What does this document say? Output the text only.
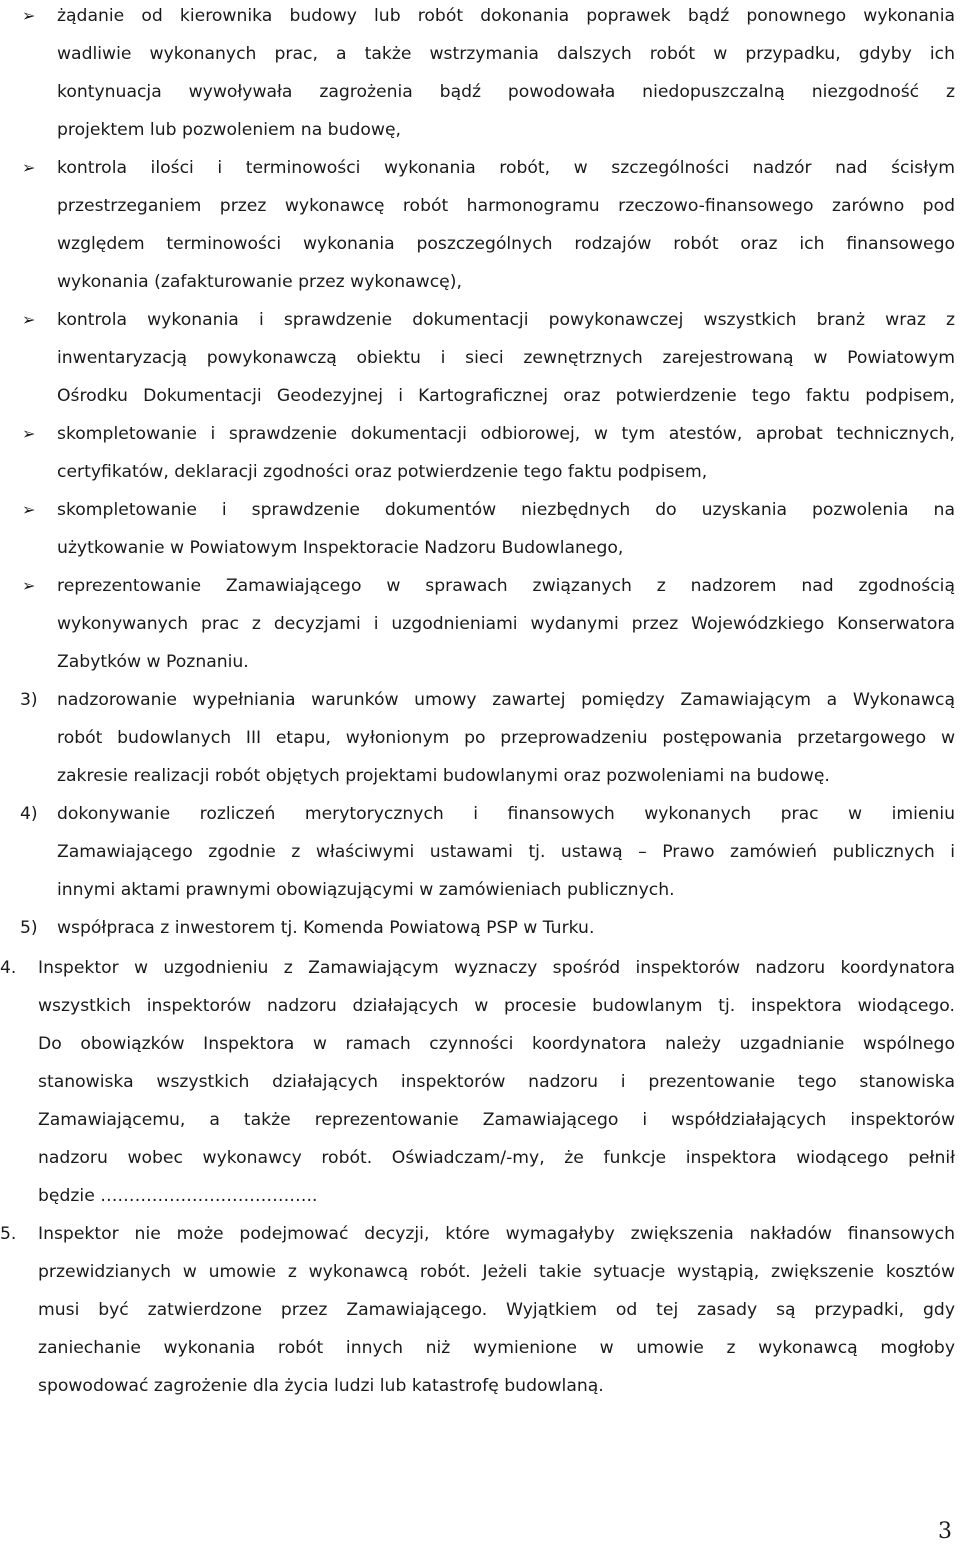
➢ żądanie od kierownika budowy lub robót dokonania poprawek bądź ponownego wykonania
wadliwie wykonanych prac, a także wstrzymania dalszych robót w przypadku, gdyby ich
kontynuacja wywoływała zagrożenia bądź powodowała niedopuszczalną niezgodność z
projektem lub pozwoleniem na budowę,
➢ kontrola ilości i terminowości wykonania robót, w szczególności nadzór nad ścisłym
przestrzeganiem przez wykonawcę robót harmonogramu rzeczowo-finansowego zarówno pod
względem terminowości wykonania poszczególnych rodzajów robót oraz ich finansowego
wykonania (zafakturowanie przez wykonawcę),
➢ kontrola wykonania i sprawdzenie dokumentacji powykonawczej wszystkich branż wraz z
inwentaryzacją powykonawczą obiektu i sieci zewnętrznych zarejestrowaną w Powiatowym
Ośrodku Dokumentacji Geodezyjnej i Kartograficznej oraz potwierdzenie tego faktu podpisem,
➢ skompletowanie i sprawdzenie dokumentacji odbiorowej, w tym atestów, aprobat technicznych,
certyfikatów, deklaracji zgodności oraz potwierdzenie tego faktu podpisem,
➢ skompletowanie i sprawdzenie dokumentów niezbędnych do uzyskania pozwolenia na
użytkowanie w Powiatowym Inspektoracie Nadzoru Budowlanego,
➢ reprezentowanie Zamawiającego w sprawach związanych z nadzorem nad zgodnością
wykonywanych prac z decyzjami i uzgodnieniami wydanymi przez Wojewódzkiego Konserwatora
Zabytków w Poznaniu.
3) nadzorowanie wypełniania warunków umowy zawartej pomiędzy Zamawiającym a Wykonawcą
robót budowlanych III etapu, wyłonionym po przeprowadzeniu postępowania przetargowego w
zakresie realizacji robót objętych projektami budowlanymi oraz pozwoleniami na budowę.
4) dokonywanie rozliczeń merytorycznych i finansowych wykonanych prac w imieniu
Zamawiającego zgodnie z właściwymi ustawami tj. ustawą – Prawo zamówień publicznych i
innymi aktami prawnymi obowiązującymi w zamówieniach publicznych.
5) współpraca z inwestorem tj. Komenda Powiatową PSP w Turku.
4. Inspektor w uzgodnieniu z Zamawiającym wyznaczy spośród inspektorów nadzoru koordynatora
wszystkich inspektorów nadzoru działających w procesie budowlanym tj. inspektora wiodącego.
Do obowiązków Inspektora w ramach czynności koordynatora należy uzgadnianie wspólnego
stanowiska wszystkich działających inspektorów nadzoru i prezentowanie tego stanowiska
Zamawiającemu, a także reprezentowanie Zamawiającego i współdziałających inspektorów
nadzoru wobec wykonawcy robót. Oświadczam/-my, że funkcje inspektora wiodącego pełnił
będzie ………………………………..
5. Inspektor nie może podejmować decyzji, które wymagałyby zwiększenia nakładów finansowych
przewidzianych w umowie z wykonawcą robót. Jeżeli takie sytuacje wystąpią, zwiększenie kosztów
musi być zatwierdzone przez Zamawiającego. Wyjątkiem od tej zasady są przypadki, gdy
zaniechanie wykonania robót innych niż wymienione w umowie z wykonawcą mogłoby
spowodować zagrożenie dla życia ludzi lub katastrofę budowlaną.
3
